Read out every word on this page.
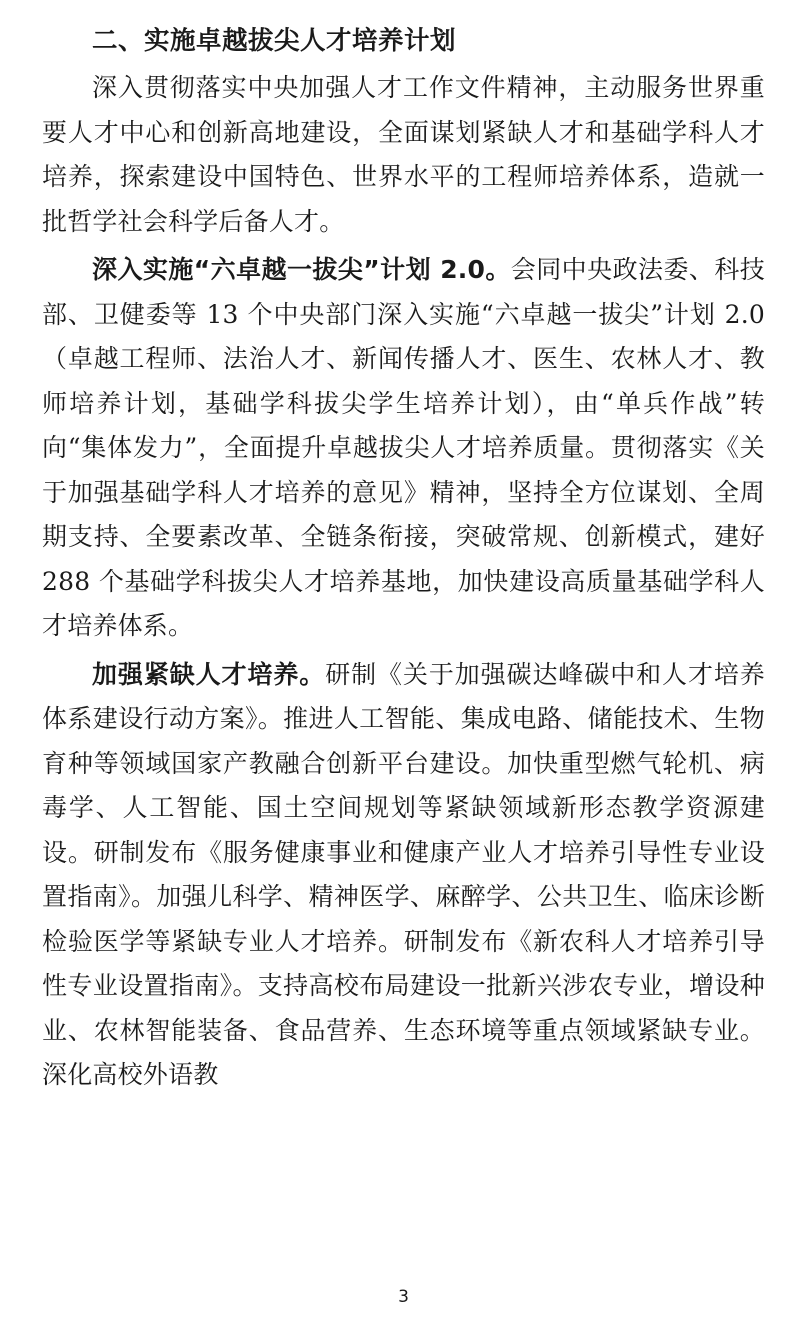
二、实施卓越拔尖人才培养计划

深入贯彻落实中央加强人才工作文件精神，主动服务世界重要人才中心和创新高地建设，全面谋划紧缺人才和基础学科人才培养，探索建设中国特色、世界水平的工程师培养体系，造就一批哲学社会科学后备人才。

深入实施“六卓越一拔尖”计划 2.0。会同中央政法委、科技部、卫健委等 13 个中央部门深入实施“六卓越一拔尖”计划 2.0（卓越工程师、法治人才、新闻传播人才、医生、农林人才、教师培养计划，基础学科拔尖学生培养计划），由“单兵作战”转向“集体发力”，全面提升卓越拔尖人才培养质量。贯彻落实《关于加强基础学科人才培养的意见》精神，坚持全方位谋划、全周期支持、全要素改革、全链条衔接，突破常规、创新模式，建好 288 个基础学科拔尖人才培养基地，加快建设高质量基础学科人才培养体系。

加强紧缺人才培养。研制《关于加强碳达峰碳中和人才培养体系建设行动方案》。推进人工智能、集成电路、储能技术、生物育种等领域国家产教融合创新平台建设。加快重型燃气轮机、病毒学、人工智能、国土空间规划等紧缺领域新形态教学资源建设。研制发布《服务健康事业和健康产业人才培养引导性专业设置指南》。加强儿科学、精神医学、麻醉学、公共卫生、临床诊断检验医学等紧缺专业人才培养。研制发布《新农科人才培养引导性专业设置指南》。支持高校布局建设一批新兴涉农专业，增设种业、农林智能装备、食品营养、生态环境等重点领域紧缺专业。深化高校外语教

3
